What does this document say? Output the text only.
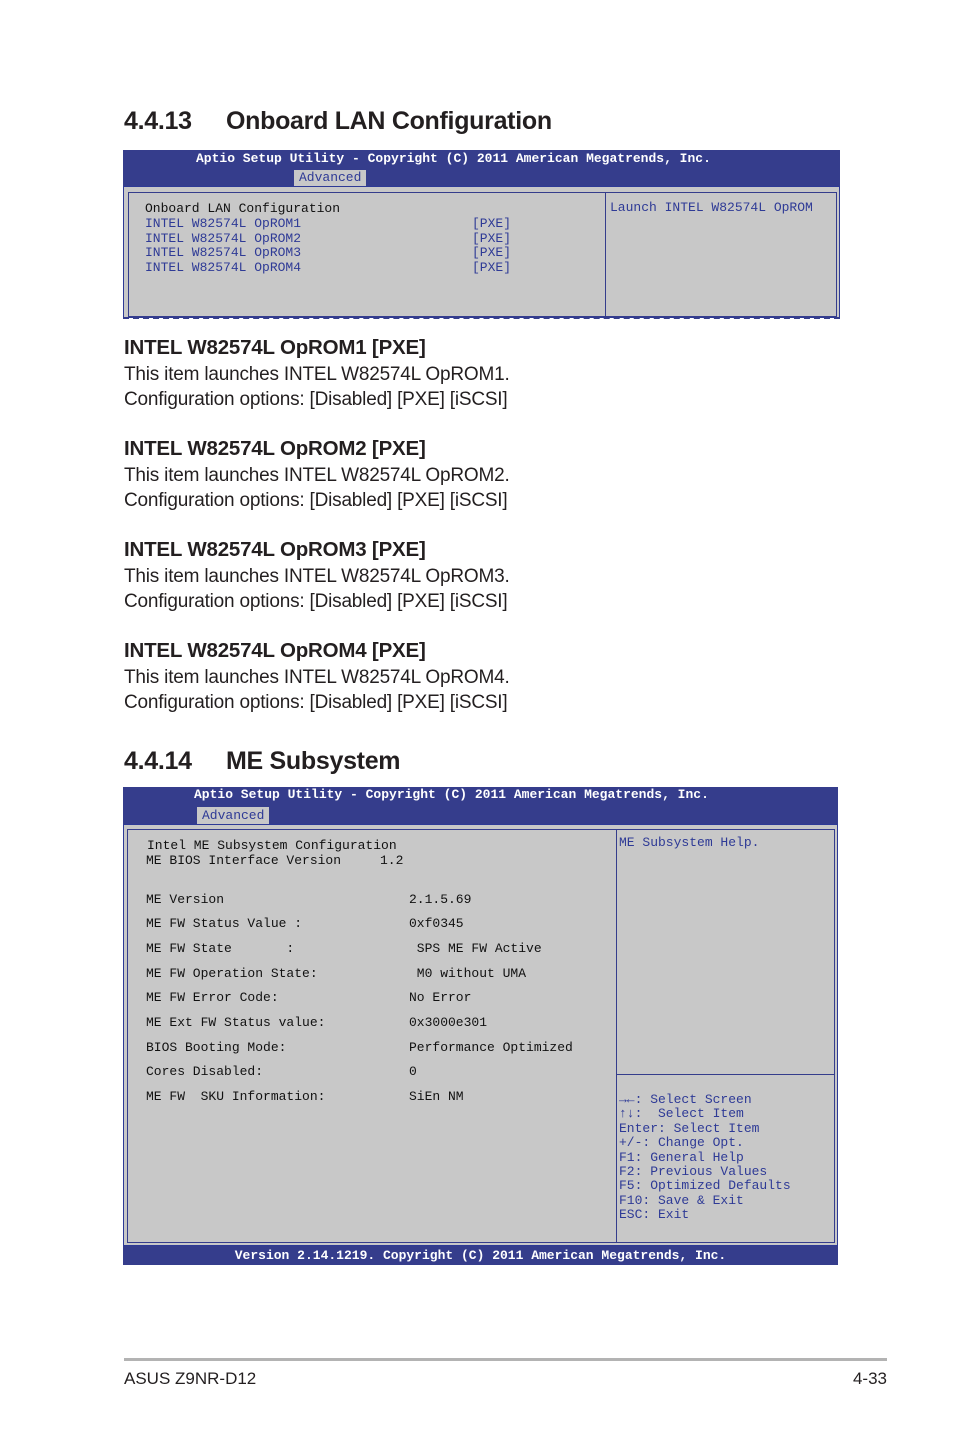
4.4.13 Onboard LAN Configuration
Aptio Setup Utility - Copyright (C) 2011 American Megatrends, Inc.
Advanced
Onboard LAN Configuration
INTEL W82574L OpROM1	[PXE]
INTEL W82574L OpROM2	[PXE]
INTEL W82574L OpROM3	[PXE]
INTEL W82574L OpROM4	[PXE]
Launch INTEL W82574L OpROM
INTEL W82574L OpROM1 [PXE]
This item launches INTEL W82574L OpROM1.
Configuration options: [Disabled] [PXE] [iSCSI]
INTEL W82574L OpROM2 [PXE]
This item launches INTEL W82574L OpROM2.
Configuration options: [Disabled] [PXE] [iSCSI]
INTEL W82574L OpROM3 [PXE]
This item launches INTEL W82574L OpROM3.
Configuration options: [Disabled] [PXE] [iSCSI]
INTEL W82574L OpROM4 [PXE]
This item launches INTEL W82574L OpROM4.
Configuration options: [Disabled] [PXE] [iSCSI]
4.4.14 ME Subsystem
Aptio Setup Utility - Copyright (C) 2011 American Megatrends, Inc.
Advanced
Intel ME Subsystem Configuration
ME BIOS Interface Version	1.2
ME Version	2.1.5.69
ME FW Status Value :	0xf0345
ME FW State       :	SPS ME FW Active
ME FW Operation State:	M0 without UMA
ME FW Error Code:	No Error
ME Ext FW Status value:	0x3000e301
BIOS Booting Mode:	Performance Optimized
Cores Disabled:	0
ME FW  SKU Information:	SiEn NM
ME Subsystem Help.
→←: Select Screen
↑↓:  Select Item
Enter: Select Item
+/-: Change Opt.
F1: General Help
F2: Previous Values
F5: Optimized Defaults
F10: Save & Exit
ESC: Exit
Version 2.14.1219. Copyright (C) 2011 American Megatrends, Inc.
ASUS Z9NR-D12	4-33
